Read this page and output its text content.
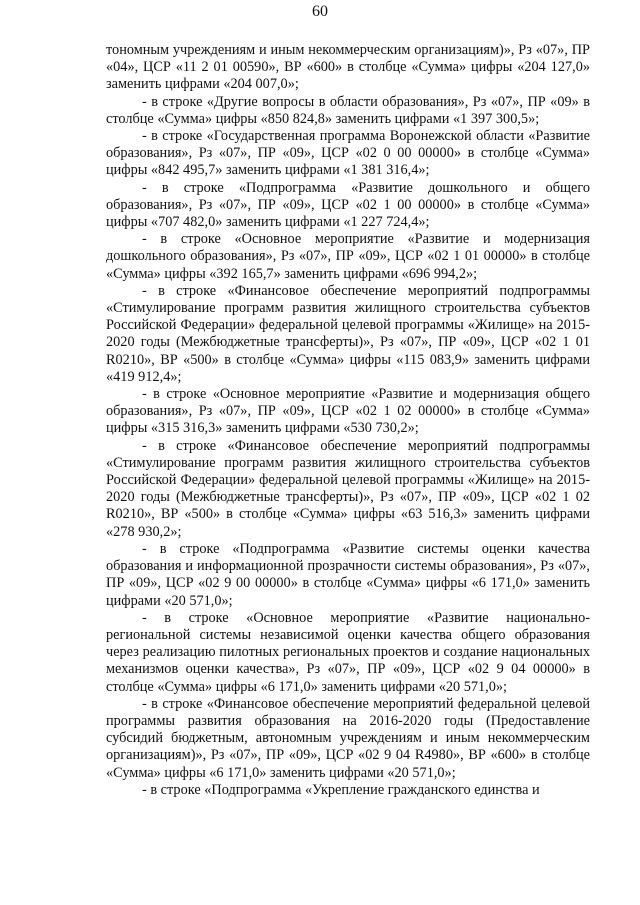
60

тономным учреждениям и иным некоммерческим организациям)», Рз «07», ПР «04», ЦСР «11 2 01 00590», ВР «600» в столбце «Сумма» цифры «204 127,0» заменить цифрами «204 007,0»;

- в строке «Другие вопросы в области образования», Рз «07», ПР «09» в столбце «Сумма» цифры «850 824,8» заменить цифрами «1 397 300,5»;

- в строке «Государственная программа Воронежской области «Развитие образования», Рз «07», ПР «09», ЦСР «02 0 00 00000» в столбце «Сумма» цифры «842 495,7» заменить цифрами «1 381 316,4»;

- в строке «Подпрограмма «Развитие дошкольного и общего образования», Рз «07», ПР «09», ЦСР «02 1 00 00000» в столбце «Сумма» цифры «707 482,0» заменить цифрами «1 227 724,4»;

- в строке «Основное мероприятие «Развитие и модернизация дошкольного образования», Рз «07», ПР «09», ЦСР «02 1 01 00000» в столбце «Сумма» цифры «392 165,7» заменить цифрами «696 994,2»;

- в строке «Финансовое обеспечение мероприятий подпрограммы «Стимулирование программ развития жилищного строительства субъектов Российской Федерации» федеральной целевой программы «Жилище» на 2015-2020 годы (Межбюджетные трансферты)», Рз «07», ПР «09», ЦСР «02 1 01 R0210», ВР «500» в столбце «Сумма» цифры «115 083,9» заменить цифрами «419 912,4»;

- в строке «Основное мероприятие «Развитие и модернизация общего образования», Рз «07», ПР «09», ЦСР «02 1 02 00000» в столбце «Сумма» цифры «315 316,3» заменить цифрами «530 730,2»;

- в строке «Финансовое обеспечение мероприятий подпрограммы «Стимулирование программ развития жилищного строительства субъектов Российской Федерации» федеральной целевой программы «Жилище» на 2015-2020 годы (Межбюджетные трансферты)», Рз «07», ПР «09», ЦСР «02 1 02 R0210», ВР «500» в столбце «Сумма» цифры «63 516,3» заменить цифрами «278 930,2»;

- в строке «Подпрограмма «Развитие системы оценки качества образования и информационной прозрачности системы образования», Рз «07», ПР «09», ЦСР «02 9 00 00000» в столбце «Сумма» цифры «6 171,0» заменить цифрами «20 571,0»;

- в строке «Основное мероприятие «Развитие национально-региональной системы независимой оценки качества общего образования через реализацию пилотных региональных проектов и создание национальных механизмов оценки качества», Рз «07», ПР «09», ЦСР «02 9 04 00000» в столбце «Сумма» цифры «6 171,0» заменить цифрами «20 571,0»;

- в строке «Финансовое обеспечение мероприятий федеральной целевой программы развития образования на 2016-2020 годы (Предоставление субсидий бюджетным, автономным учреждениям и иным некоммерческим организациям)», Рз «07», ПР «09», ЦСР «02 9 04 R4980», ВР «600» в столбце «Сумма» цифры «6 171,0» заменить цифрами «20 571,0»;

- в строке «Подпрограмма «Укрепление гражданского единства и
